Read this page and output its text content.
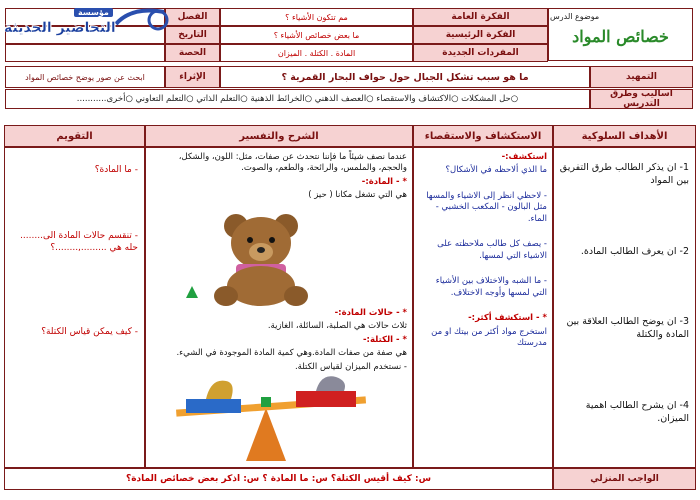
موضوع الدرس
خصائص المواد
الفكرة العامة
الفكرة الرئيسية
المفردات الجديدة
مم تتكون الأشياء ؟
ما بعض خصائص الأشياء ؟
المادة . الكتلة . الميزان
الفصل
التاريخ
الحصة
مؤسسة
التحاضير الحديثة
الإثراء
ابحث عن صور يوضح خصائص المواد	التمهيد
ما هو سبب تشكل الجبال حول حواف البحار القمرية ؟
أساليب وطرق التدريس
○حل المشكلات ○الاكتشاف والاستقصاء ○العصف الذهني ○الخرائط الذهنية ○التعلم الذاتي ○التعلم التعاوني ○أخرى...........
الأهداف السلوكية
الاستكشاف والاستقصاء
الشرح والتفسير
التقويم
1- ان يذكر الطالب طرق التفريق بين المواد
2- ان يعرف الطالب المادة.
3- ان يوضح الطالب العلاقة بين المادة والكتلة
4- ان يشرح الطالب اهمية الميزان.
استكشف:-
ما الذي ألاحظه في الأشكال؟
- لاحظي انظر إلى الاشياء والمسها مثل البالون - المكعب الخشبي - الماء.
- يصف كل طالب ملاحظته على الاشياء التي لمسها.
- ما الشبه والاختلاف بين الأشياء التي لمسها وأوجه الاختلاف.
* - استكشف أكثر:-
استخرج مواد أكثر من بيتك او من مدرستك
عندما نصف شيئاً ما فإننا نتحدث عن صفات، مثل: اللون، والشكل، والحجم، والملمس، والرائحة، والطعم، والصوت.
* - المادة:-
هي التي تشغل مكانا ( حيز )
* - حالات المادة:-
ثلاث حالات هي الصلبة، السائلة، الغازية.
* - الكتلة:-
هي صفة من صفات المادة.وهي كمية المادة الموجودة في الشيء.
- نستخدم الميزان لقياس الكتلة.
- ما المادة؟
- تنقسم حالات المادة الى........ حله هي .........,........؟
- كيف يمكن قياس الكتلة؟
الواجب المنزلي
س: كيف أقيس الكتلة؟ س: ما المادة ؟ س: اذكر بعض خصائص المادة؟
